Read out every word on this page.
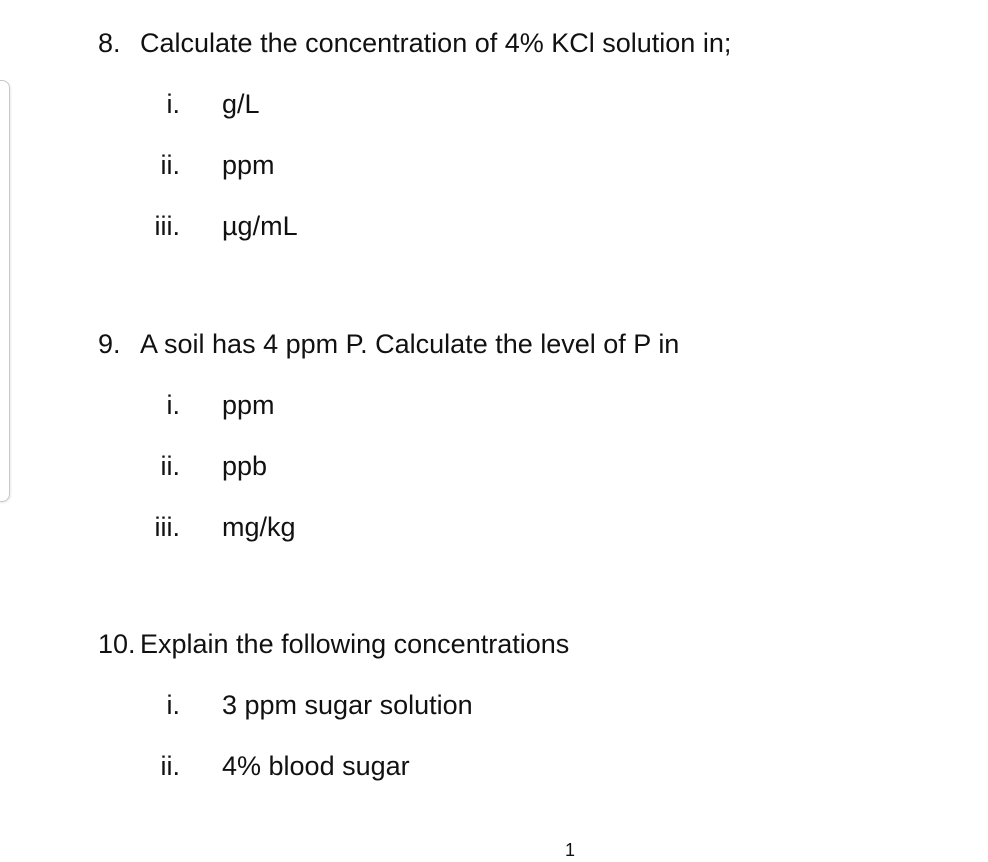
8. Calculate the concentration of 4% KCl solution in;
i. g/L
ii. ppm
iii. µg/mL
9. A soil has 4 ppm P. Calculate the level of P in
i. ppm
ii. ppb
iii. mg/kg
10. Explain the following concentrations
i. 3 ppm sugar solution
ii. 4% blood sugar
1
